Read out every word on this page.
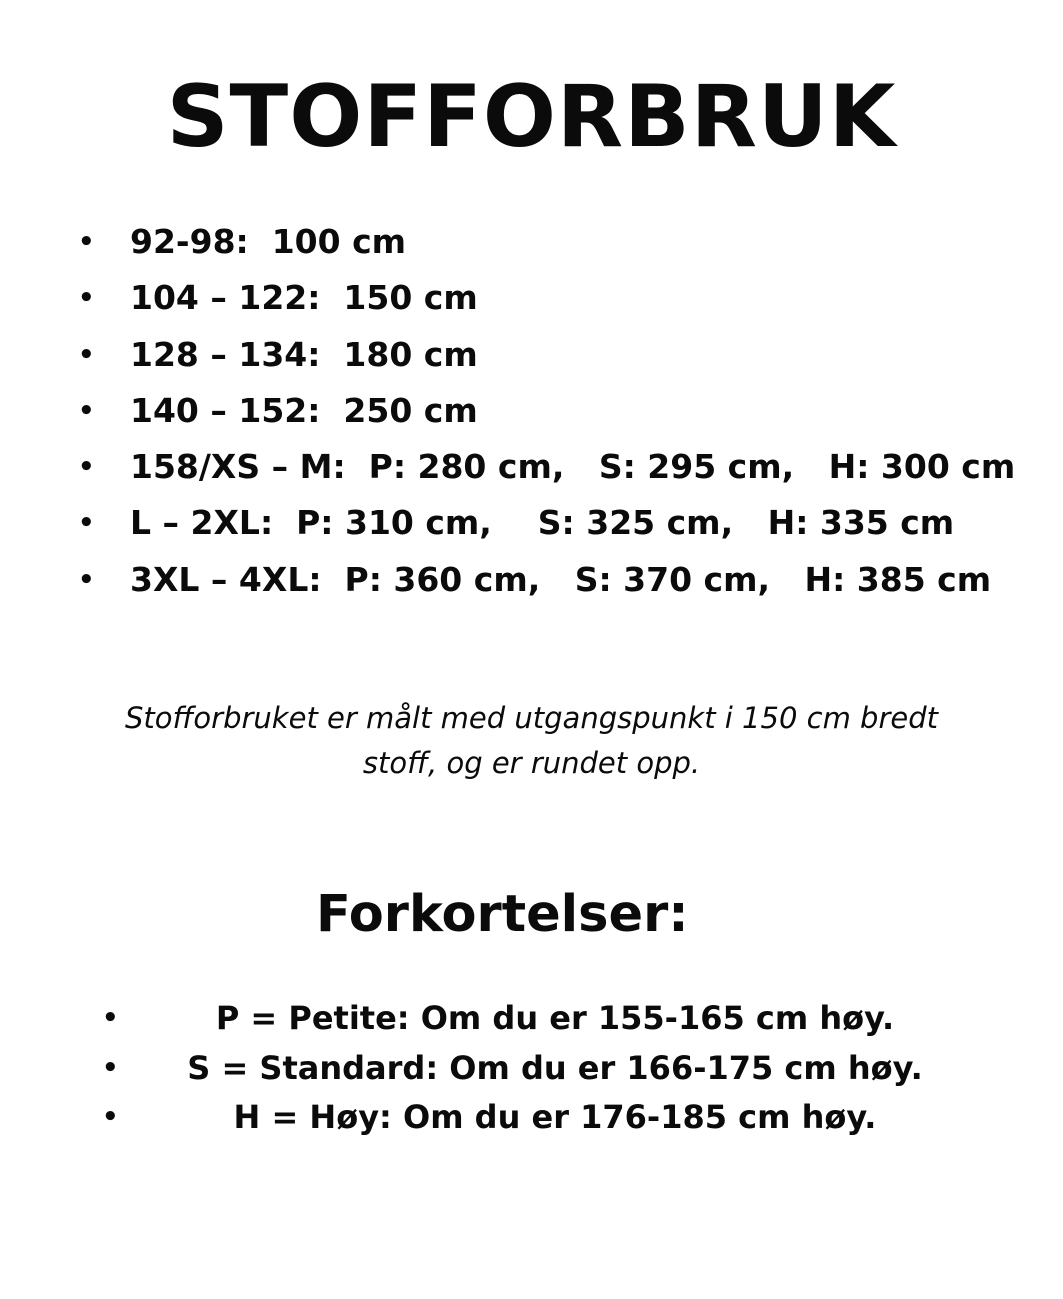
STOFFORBRUK
• 92-98:  100 cm
• 104 – 122:  150 cm
• 128 – 134:  180 cm
• 140 – 152:  250 cm
• 158/XS – M:  P: 280 cm,   S: 295 cm,   H: 300 cm
• L – 2XL:  P: 310 cm,    S: 325 cm,   H: 335 cm
• 3XL – 4XL:  P: 360 cm,   S: 370 cm,   H: 385 cm

Stofforbruket er målt med utgangspunkt i 150 cm bredt
stoff, og er rundet opp.

Forkortelser:
•	P = Petite: Om du er 155-165 cm høy.
•	S = Standard: Om du er 166-175 cm høy.
•	H = Høy: Om du er 176-185 cm høy.
